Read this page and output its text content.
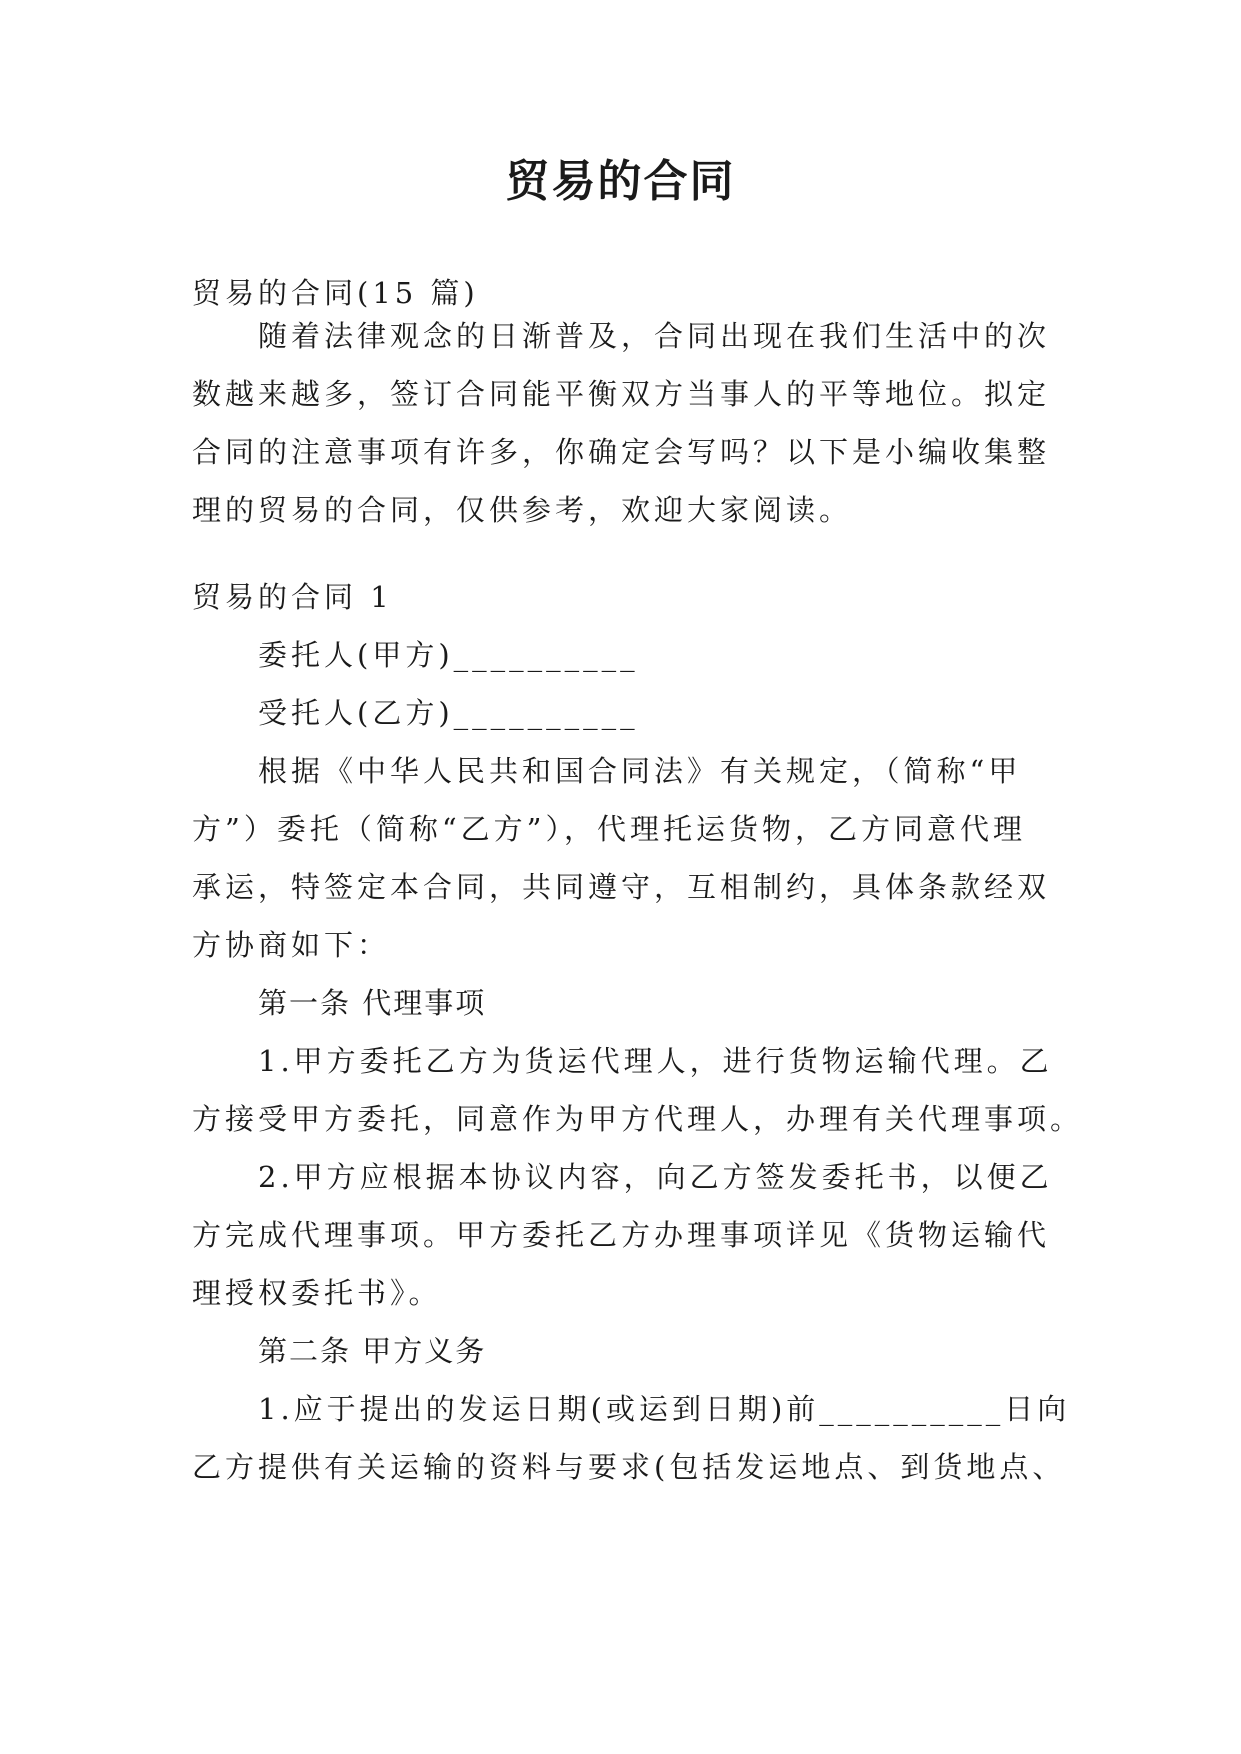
贸易的合同
贸易的合同(15 篇)
随着法律观念的日渐普及，合同出现在我们生活中的次
数越来越多，签订合同能平衡双方当事人的平等地位。拟定
合同的注意事项有许多，你确定会写吗？以下是小编收集整
理的贸易的合同，仅供参考，欢迎大家阅读。
贸易的合同 1
委托人(甲方)__________
受托人(乙方)__________
根据《中华人民共和国合同法》有关规定，（简称“甲
方”）委托（简称“乙方”），代理托运货物，乙方同意代理
承运，特签定本合同，共同遵守，互相制约，具体条款经双
方协商如下：
第一条 代理事项
1.甲方委托乙方为货运代理人，进行货物运输代理。乙
方接受甲方委托，同意作为甲方代理人，办理有关代理事项。
2.甲方应根据本协议内容，向乙方签发委托书，以便乙
方完成代理事项。甲方委托乙方办理事项详见《货物运输代
理授权委托书》。
第二条 甲方义务
1.应于提出的发运日期(或运到日期)前__________日向
乙方提供有关运输的资料与要求(包括发运地点、到货地点、
